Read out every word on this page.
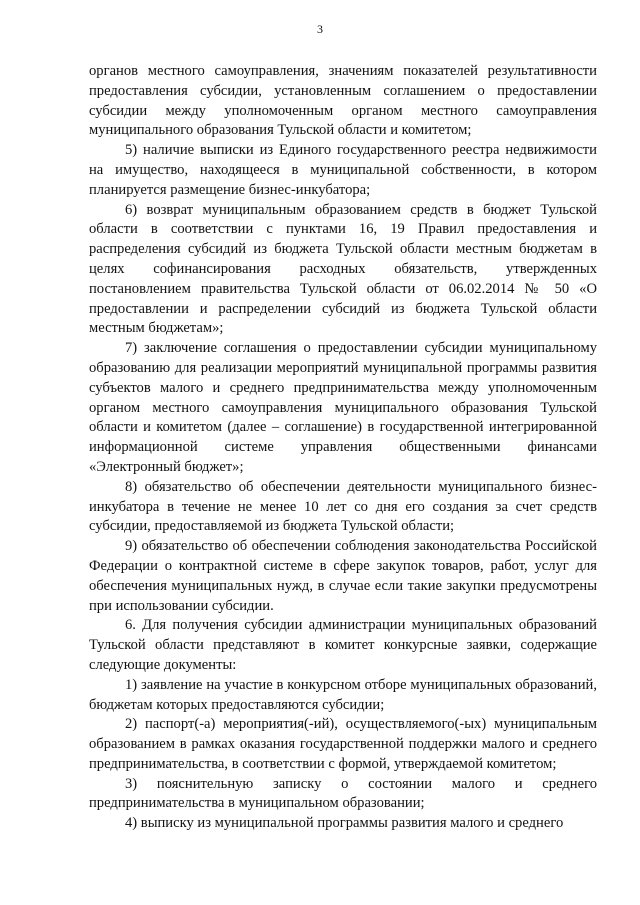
3

органов местного самоуправления, значениям показателей результативности предоставления субсидии, установленным соглашением о предоставлении субсидии между уполномоченным органом местного самоуправления муниципального образования Тульской области и комитетом;

5) наличие выписки из Единого государственного реестра недвижимости на имущество, находящееся в муниципальной собственности, в котором планируется размещение бизнес-инкубатора;

6) возврат муниципальным образованием средств в бюджет Тульской области в соответствии с пунктами 16, 19 Правил предоставления и распределения субсидий из бюджета Тульской области местным бюджетам в целях софинансирования расходных обязательств, утвержденных постановлением правительства Тульской области от 06.02.2014 № 50 «О предоставлении и распределении субсидий из бюджета Тульской области местным бюджетам»;

7) заключение соглашения о предоставлении субсидии муниципальному образованию для реализации мероприятий муниципальной программы развития субъектов малого и среднего предпринимательства между уполномоченным органом местного самоуправления муниципального образования Тульской области и комитетом (далее – соглашение) в государственной интегрированной информационной системе управления общественными финансами «Электронный бюджет»;

8) обязательство об обеспечении деятельности муниципального бизнес-инкубатора в течение не менее 10 лет со дня его создания за счет средств субсидии, предоставляемой из бюджета Тульской области;

9) обязательство об обеспечении соблюдения законодательства Российской Федерации о контрактной системе в сфере закупок товаров, работ, услуг для обеспечения муниципальных нужд, в случае если такие закупки предусмотрены при использовании субсидии.

6. Для получения субсидии администрации муниципальных образований Тульской области представляют в комитет конкурсные заявки, содержащие следующие документы:

1) заявление на участие в конкурсном отборе муниципальных образований, бюджетам которых предоставляются субсидии;

2) паспорт(-а) мероприятия(-ий), осуществляемого(-ых) муниципальным образованием в рамках оказания государственной поддержки малого и среднего предпринимательства, в соответствии с формой, утверждаемой комитетом;

3) пояснительную записку о состоянии малого и среднего предпринимательства в муниципальном образовании;

4) выписку из муниципальной программы развития малого и среднего
